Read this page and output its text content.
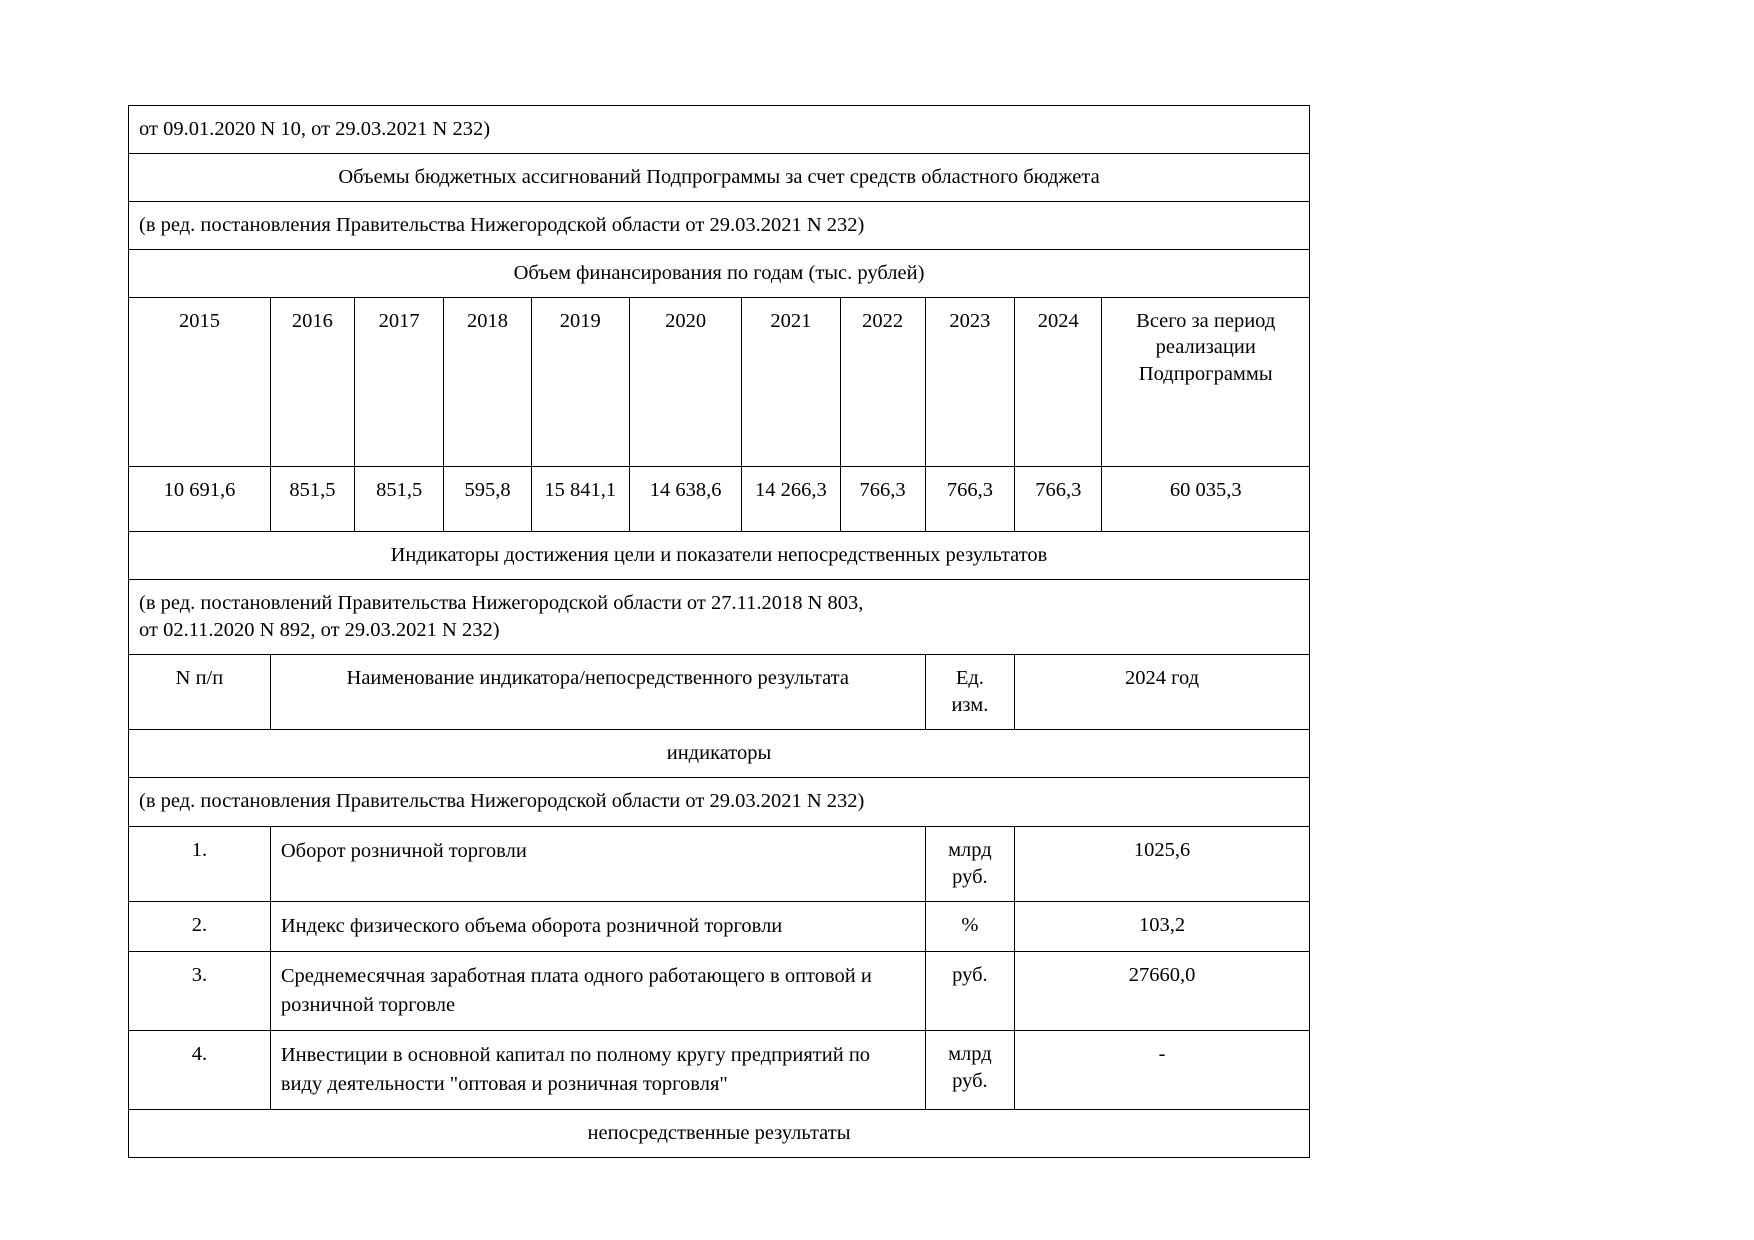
от 09.01.2020 N 10, от 29.03.2021 N 232)										
Объемы бюджетных ассигнований Подпрограммы за счет средств областного бюджета										
(в ред. постановления Правительства Нижегородской области от 29.03.2021 N 232)										
Объем финансирования по годам (тыс. рублей)										
2015	2016	2017	2018	2019	2020	2021	2022	2023	2024	Всего за период реализации Подпрограммы
10 691,6	851,5	851,5	595,8	15 841,1	14 638,6	14 266,3	766,3	766,3	766,3	60 035,3
Индикаторы достижения цели и показатели непосредственных результатов										

(в ред. постановлений Правительства Нижегородской области от 27.11.2018 N 803,
от 02.11.2020 N 892, от 29.03.2021 N 232)										

N п/п	Наименование индикатора/непосредственного результата							Ед. изм.	2024 год	
индикаторы										
(в ред. постановления Правительства Нижегородской области от 29.03.2021 N 232)										
1.	Оборот розничной торговли							млрд руб.	1025,6	
2.	Индекс физического объема оборота розничной торговли							%	103,2	
3.	Среднемесячная заработная плата одного работающего в оптовой и розничной торговле							руб.	27660,0	
4.	Инвестиции в основной капитал по полному кругу предприятий по виду деятельности "оптовая и розничная торговля"							млрд руб.	-	
непосредственные результаты										
